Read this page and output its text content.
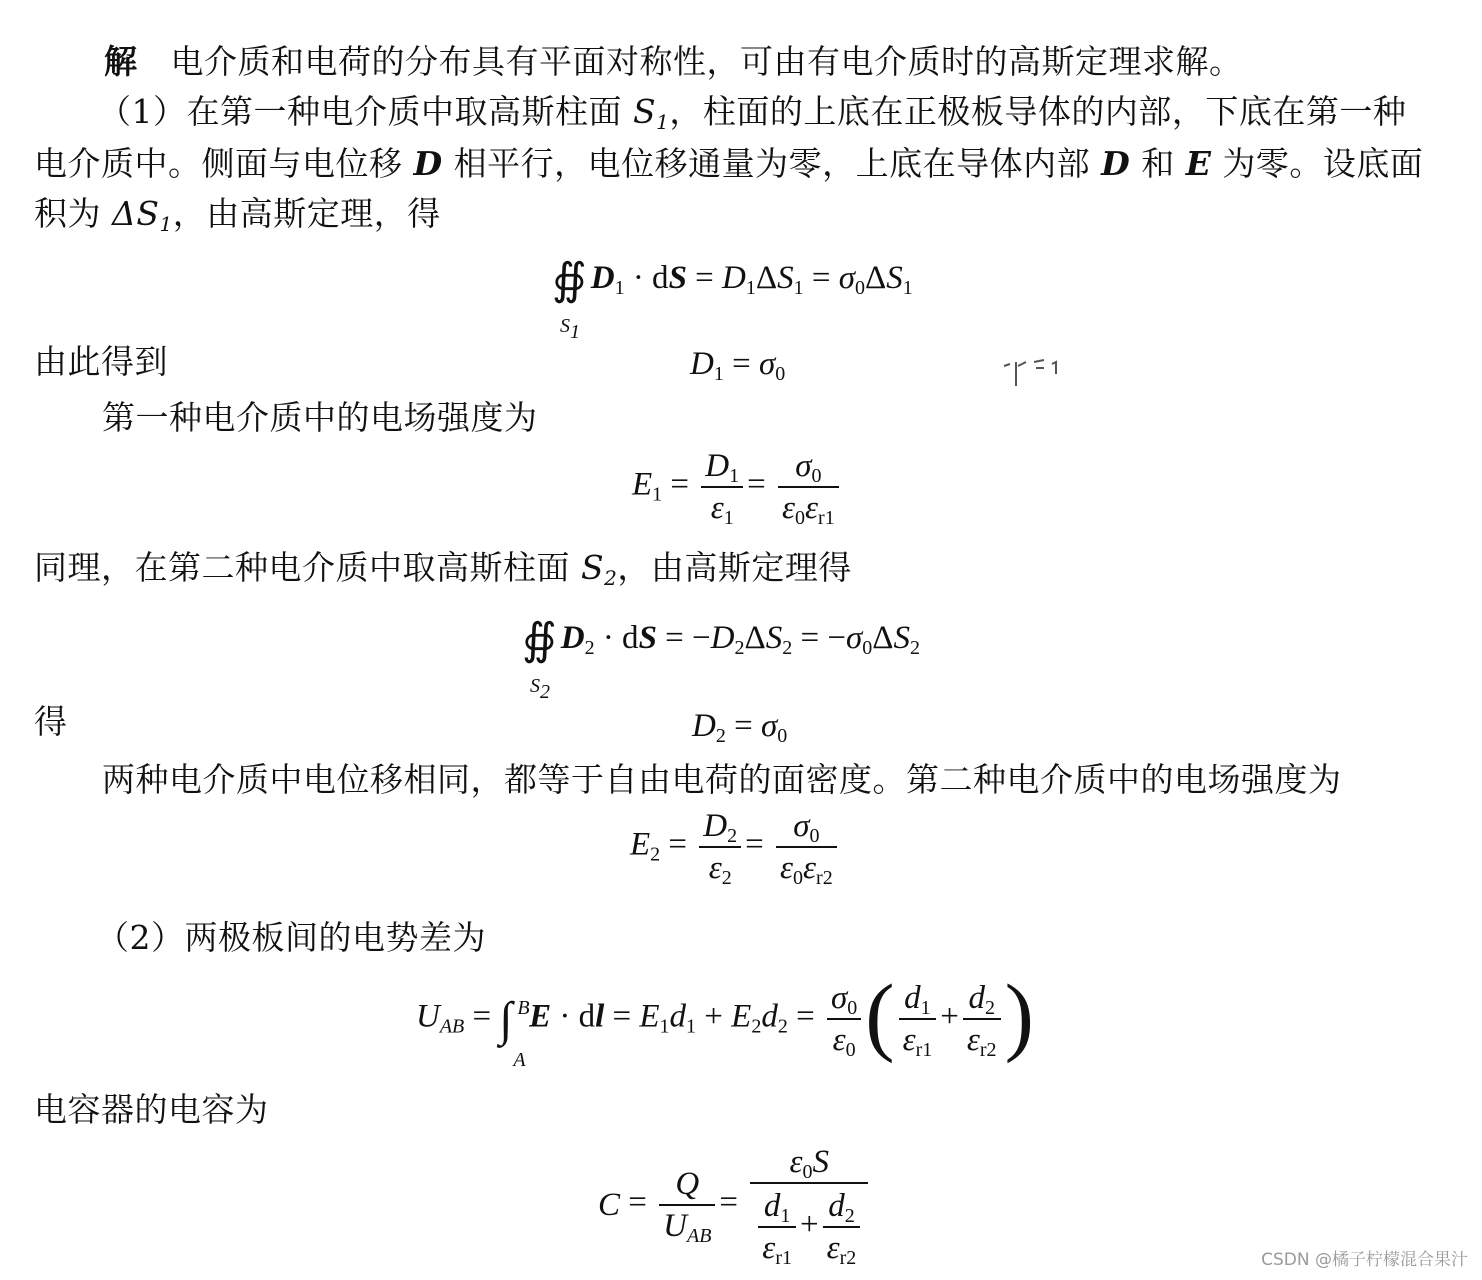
解 电介质和电荷的分布具有平面对称性，可由有电介质时的高斯定理求解。
（1）在第一种电介质中取高斯柱面 $S_1$，柱面的上底在正极板导体的内部，下底在第一种
电介质中。侧面与电位移 D 相平行，电位移通量为零，上底在导体内部 D 和 E 为零。设底面
积为 $\Delta S_1$，由高斯定理，得
∯
$S_1$
$D_1$ · dS = $D_1\Delta S_1 = \sigma_0\Delta S_1$
由此得到	$D_1 = \sigma_0$
第一种电介质中的电场强度为
$E_1 = \frac{D_1}{\varepsilon_1} = \frac{\sigma_0}{\varepsilon_0\varepsilon_{r1}}$
同理，在第二种电介质中取高斯柱面 $S_2$，由高斯定理得
∯
$S_2$
$D_2$ · dS = $-D_2\Delta S_2 = -\sigma_0\Delta S_2$
得	$D_2 = \sigma_0$
两种电介质中电位移相同，都等于自由电荷的面密度。第二种电介质中的电场强度为
$E_2 = \frac{D_2}{\varepsilon_2} = \frac{\sigma_0}{\varepsilon_0\varepsilon_{r2}}$
（2）两极板间的电势差为
$U_{AB}$ = ∫ B
A
E · dl = $E_1d_1 + E_2d_2 = \frac{\sigma_0}{\varepsilon_0}$ ( $\frac{d_1}{\varepsilon_{r1}} + \frac{d_2}{\varepsilon_{r2}}$ )
电容器的电容为
$C = \frac{Q}{U_{AB}} = \frac{\varepsilon_0S}{\frac{d_1}{\varepsilon_{r1}} + \frac{d_2}{\varepsilon_{r2}}}$	CSDN @橘子柠檬混合果汁
